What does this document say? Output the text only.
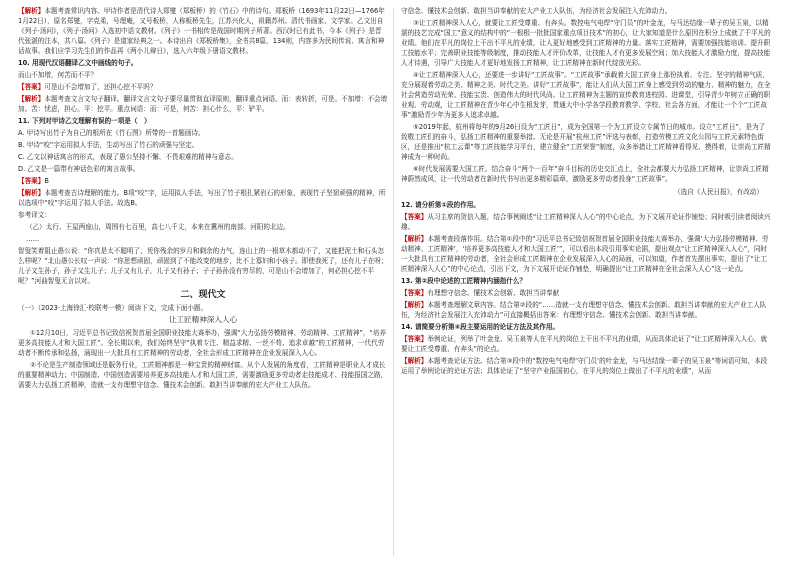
【解析】本题考查常识内容。甲诗作者是清代诗人郑燮（郑板桥）的《竹石》中的诗句。郑板桥（1693年11月22日—1766年1月22日），原名郑燮，字克柔，号理庵，又号板桥，人称板桥先生，江苏兴化人，祖籍苏州。清代书画家、文学家。乙文出自《列子·汤问》，《列子·汤问》入选初中语文教材。《列子》一书相传是战国时期列子所著。西汉时已有此书，今本《列子》是晋代张湛的注本，共八篇。《列子》是道家经典之一。本诗出自《郑板桥集》，全书共8篇，134则，内容多为民间传说、寓言和神话故事。我们应学习先生们的作品再《两小儿辩日》，选入六年级下册语文教材。

10. 用现代汉语翻译乙文中画线的句子。

而山不加增，何苦而不平？

【答案】可是山不会增加了，还担心挖不平吗？

【解析】本题考查文言文句子翻译。翻译文言文句子要尽量贯彻直译原则，翻译重点词语。而：表转折，可是。不加增：不会增加。苦：忧虑，担心。平：挖平。重点词语：而：可是，何苦：担心什么，平：铲平。

11. 下列对甲诗乙文理解有误的一项是（　）

A. 甲诗写出竹子为自己的根所在《竹石图》所带的一首题画诗。

B. 甲诗“咬”字运用拟人手法，生动写出了竹石的顽强与坚定。

C. 乙文以神话寓言的形式，表现了愚公坚持不懈、不畏艰难的精神与意志。

D. 乙文是一篇带有神话色彩的寓言故事。

【答案】B

【解析】本题考查古诗理解的能力。B项“咬”字，运用拟人手法，写出了竹子根扎紧岩石的形象，表现竹子坚韧顽强的精神，所以选项中“咬”字运用了拟人手法。故选B。

参考译文：

（乙）太行、王屋两座山，周围有七百里，高七八千丈，本来在冀州的南部、河阳的北边。

……

智叟笑着阻止愚公说：“你真是太不聪明了，凭你残余的岁月和剩余的力气，连山上的一根草木都动不了，又能把泥土和石头怎么样呢？”北山愚公长叹一声说：“你思想顽固，顽固到了不能改变的地步，比不上寡妇和小孩子。即使我死了，还有儿子在呀；儿子又生孙子，孙子又生儿子；儿子又有儿子，儿子又有孙子；子子孙孙没有穷尽的，可是山不会增加了，何必担心挖不平呢？”河曲智叟无言以对。

二、现代文

（一）（2023·上海徐汇·校联考一模）阅读下文，完成下面小题。

让工匠精神深入人心

①12月10日，习近平总书记致信祝贺首届全国职业技能大赛举办，强调“大力弘扬劳模精神、劳动精神、工匠精神”，“培养更多高技能人才和大国工匠”。全长期以来，我们始终坚守“执着专注、精益求精、一丝不苟、追求卓越”的工匠精神，一代代劳动者不断传承和弘扬，涌现出一大批具有工匠精神的劳动者，全社会形成工匠精神在企业发展深入人心。

②不论是生产制造领域还是服务行业，工匠精神都是一种宝贵的精神财富。从个人发展的角度看，工匠精神是职业人才成长的重要精神动力；中国制造、中国创造需要培养更多高技能人才和大国工匠，需要激励更多劳动者走技能成才、技能报国之路，需要大力弘扬工匠精神，造就一支有理想守信念、懂技术会创新、敢担当讲奉献的宏大产业工人队伍。

守信念、懂技术会创新、敢担当讲奉献的宏大产业工人队伍，为经济社会发展注入充沛动力。

③让工匠精神深入人心，就要让工匠受尊重、有奔头。数控电气电焊“守门员”的叶金龙，与马达结缘一辈子的吴玉泉，以精湛的技艺完成“国工”意义的结构中的“一根根一批批国家重点项目技术”的初心，让大家知道是什么原因在积分上成就了千平凡的业绩。他们在平凡的岗位上干出不平凡的业绩，让人更好地感受到工匠精神的力量。落实工匠精神，需要加强技能培训、提升职工技能水平；完善职业技能等级制度，推动技能人才评价改革，让技能人才有更多发展空间；加大技能人才激励力度，提高技能人才待遇，引导广大技能人才更好地发扬工匠精神，让工匠精神在新时代绽放光彩。

④让工匠精神深入人心，还要进一步讲好“工匠故事”。“工匠故事”承载着大国工匠身上那份执着、专注、坚守的精神气质，充分展现着劳动之美、精神之美、时代之美。讲好“工匠故事”，能让人们从大国工匠身上感受到劳动的魅力、精神的魅力，在全社会营造劳动光荣、技能宝贵、创造伟大的时代风尚。让工匠精神为主题的宣传教育进校园、进课堂，引导青少年树立正确的职业观、劳动观，让工匠精神在青少年心中生根发芽，贯通大中小学各学段教育教学、学校、社会各方面，才能让一个个“工匠故事”激励青少年为更多人追求卓越。

⑤2019年起，杭州将每年的9月26日设为“工匠日”，成为全国第一个为工匠设立专属节日的城市。设立“工匠日”，是为了致敬工匠们的奋斗，弘扬工匠精神的重要举措。无论是开展“杭州工匠”评选与表彰，打造劳模工匠文化公园与工匠元素特色街区，还是推出“杭工云课”等工匠技能学习平台，建立健全“工匠荣誉”制度，众多举措让工匠精神看得见、摸得着，让崇尚工匠精神成为一种时尚。

⑥时代发展需要大国工匠。结合奋斗“两个一百年”奋斗目标的历史交汇点上，全社会都要大力弘扬工匠精神，让崇尚工匠精神蔚然成风，让一代劳动者在新时代书写出更多精彩篇章，激励更多劳动者投身“工匠故事”。

（选自《人民日报》，有改动）

12. 请分析第①段的作用。

【答案】从习主席的贺信入题，结合事例阐述“让工匠精神深入人心”的中心论点，为下文展开论证作铺垫；同时吸引读者阅读兴趣。

【解析】本题考查段落作用。结合第①段中的“习近平总书记致信祝贺首届全国职业技能大赛举办，强调‘大力弘扬劳模精神、劳动精神、工匠精神’，‘培养更多高技能人才和大国工匠’”，可以看出本段引用事实论据，提出观点“让工匠精神深入人心”，同时一大批具有工匠精神的劳动者，全社会形成工匠精神在企业发展深入人心的局面，可以知道，作者首先摆出事实，提出了“让工匠精神深入人心”的中心论点，引出下文，为下文展开论证作铺垫，明确提出“让工匠精神在全社会深入人心”这一论点。

13. 第②段中论述的工匠精神内涵指什么？

【答案】有理想守信念、懂技术会创新、敢担当讲奉献

【解析】本题考查理解文章内容。结合第②段的“……造就一支有理想守信念、懂技术会创新、敢担当讲奉献的宏大产业工人队伍，为经济社会发展注入充沛动力”可直接概括出答案：有理想守信念、懂技术会创新、敢担当讲奉献。

14. 请简要分析第④段主要运用的论证方法及其作用。

【答案】举例论证，列举了叶金龙、吴玉泉等人在平凡的岗位上干出不平凡的业绩，从而具体论证了“让工匠精神深入人心，就要让工匠受尊重、有奔头”的论点。

【解析】本题考查论证方法。结合第③段中的“数控电气电焊‘守门员’的叶金龙，与马达结缘一辈子的吴玉泉”等词语可知，本段运用了举例论证的论证方法；具体论证了“坚守产业报国初心，在平凡的岗位上做出了不平凡的业绩”，从而
